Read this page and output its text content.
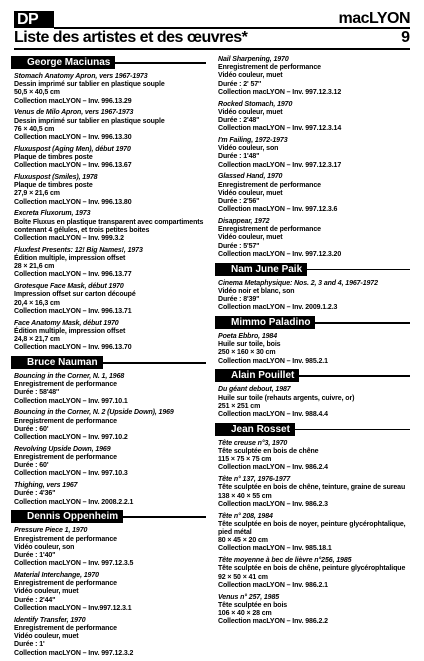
DP	macLYON
Liste des artistes et des œuvres*	9
George Maciunas
Stomach Anatomy Apron, vers 1967-1973
Dessin imprimé sur tablier en plastique souple
50,5 × 40,5 cm
Collection macLYON – Inv. 996.13.29
Venus de Milo Apron, vers 1967-1973
Dessin imprimé sur tablier en plastique souple
76 × 40,5 cm
Collection macLYON – Inv. 996.13.30
Fluxuspost (Aging Men), début 1970
Plaque de timbres poste
Collection macLYON – Inv. 996.13.67
Fluxuspost (Smiles), 1978
Plaque de timbres poste
27,9 × 21,6 cm
Collection macLYON – Inv. 996.13.80
Excreta Fluxorum, 1973
Boîte Fluxus en plastique transparent avec compartiments
contenant 4 gélules, et trois petites boites
Collection macLYON – Inv. 999.3.2
Fluxfest Presents: 12! Big Names!, 1973
Édition multiple, impression offset
28 × 21,6 cm
Collection macLYON – Inv. 996.13.77
Grotesque Face Mask, début 1970
Impression offset sur carton découpé
20,4 × 16,3 cm
Collection macLYON – Inv. 996.13.71
Face Anatomy Mask, début 1970
Édition multiple, impression offset
24,8 × 21,7 cm
Collection macLYON – Inv. 996.13.70
Bruce Nauman
Bouncing in the Corner, N. 1, 1968
Enregistrement de performance
Durée : 58'48''
Collection macLYON – Inv. 997.10.1
Bouncing in the Corner, N. 2 (Upside Down), 1969
Enregistrement de performance
Durée : 60'
Collection macLYON – Inv. 997.10.2
Revolving Upside Down, 1969
Enregistrement de performance
Durée : 60'
Collection macLYON – Inv. 997.10.3
Thighing, vers 1967
Durée : 4'36''
Collection macLYON – Inv. 2008.2.2.1
Dennis Oppenheim
Pressure Piece 1, 1970
Enregistrement de performance
Vidéo couleur, son
Durée : 1'40''
Collection macLYON – Inv. 997.12.3.5
Material Interchange, 1970
Enregistrement de performance
Vidéo couleur, muet
Durée : 2'44''
Collection macLYON – Inv.997.12.3.1
Identify Transfer, 1970
Enregistrement de performance
Vidéo couleur, muet
Durée : 1'
Collection macLYON – Inv. 997.12.3.2
Nail Sharpening, 1970
Enregistrement de performance
Vidéo couleur, muet
Durée : 2' 57''
Collection macLYON – Inv. 997.12.3.12
Rocked Stomach, 1970
Vidéo couleur, muet
Durée : 2'48''
Collection macLYON – Inv. 997.12.3.14
I'm Failing, 1972-1973
Vidéo couleur, son
Durée : 1'48''
Collection macLYON – Inv. 997.12.3.17
Glassed Hand, 1970
Enregistrement de performance
Vidéo couleur, muet
Durée : 2'56''
Collection macLYON – Inv. 997.12.3.6
Disappear, 1972
Enregistrement de performance
Vidéo couleur, muet
Durée : 5'57''
Collection macLYON – Inv. 997.12.3.20
Nam June Paik
Cinema Metaphysique: Nos. 2, 3 and 4, 1967-1972
Vidéo noir et blanc, son
Durée : 8'39''
Collection macLYON – Inv. 2009.1.2.3
Mimmo Paladino
Poeta Ebbro, 1984
Huile sur toile, bois
250 × 160 × 30 cm
Collection macLYON – Inv. 985.2.1
Alain Pouillet
Du géant debout, 1987
Huile sur toile (rehauts argents, cuivre, or)
251 × 251 cm
Collection macLYON – Inv. 988.4.4
Jean Rosset
Tête creuse n°3, 1970
Tête sculptée en bois de chêne
115 × 75 × 75 cm
Collection macLYON – Inv. 986.2.4
Tête n° 137, 1976-1977
Tête sculptée en bois de chêne, teinture, graine de sureau
138 × 40 × 55 cm
Collection macLYON – Inv. 986.2.3
Tête n° 208, 1984
Tête sculptée en bois de noyer, peinture glycérophtalique,
pied métal
80 × 45 × 20 cm
Collection macLYON – Inv. 985.18.1
Tête moyenne à bec de lièvre n°256, 1985
Tête sculptée en bois de chêne, peinture glycérophtalique
92 × 50 × 41 cm
Collection macLYON – Inv. 986.2.1
Venus n° 257, 1985
Tête sculptée en bois
106 × 40 × 28 cm
Collection macLYON – Inv. 986.2.2
